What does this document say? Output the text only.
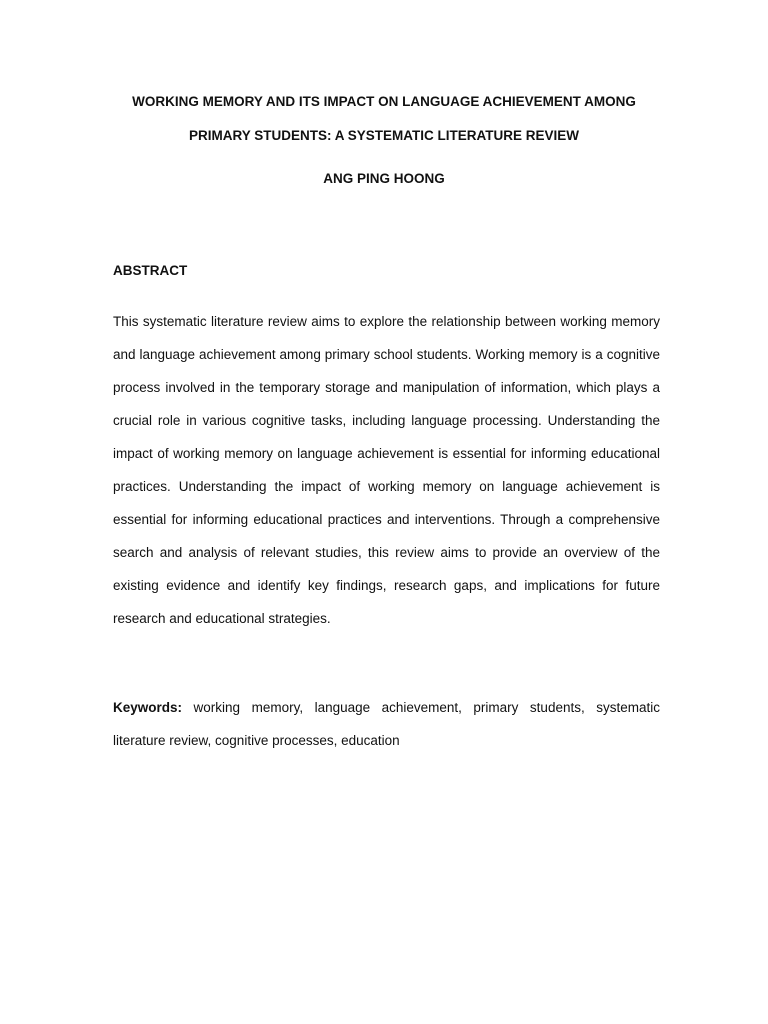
WORKING MEMORY AND ITS IMPACT ON LANGUAGE ACHIEVEMENT AMONG
PRIMARY STUDENTS: A SYSTEMATIC LITERATURE REVIEW
ANG PING HOONG
ABSTRACT

This systematic literature review aims to explore the relationship between working memory and language achievement among primary school students. Working memory is a cognitive process involved in the temporary storage and manipulation of information, which plays a crucial role in various cognitive tasks, including language processing. Understanding the impact of working memory on language achievement is essential for informing educational practices. Understanding the impact of working memory on language achievement is essential for informing educational practices and interventions. Through a comprehensive search and analysis of relevant studies, this review aims to provide an overview of the existing evidence and identify key findings, research gaps, and implications for future research and educational strategies.

Keywords: working memory, language achievement, primary students, systematic literature review, cognitive processes, education
